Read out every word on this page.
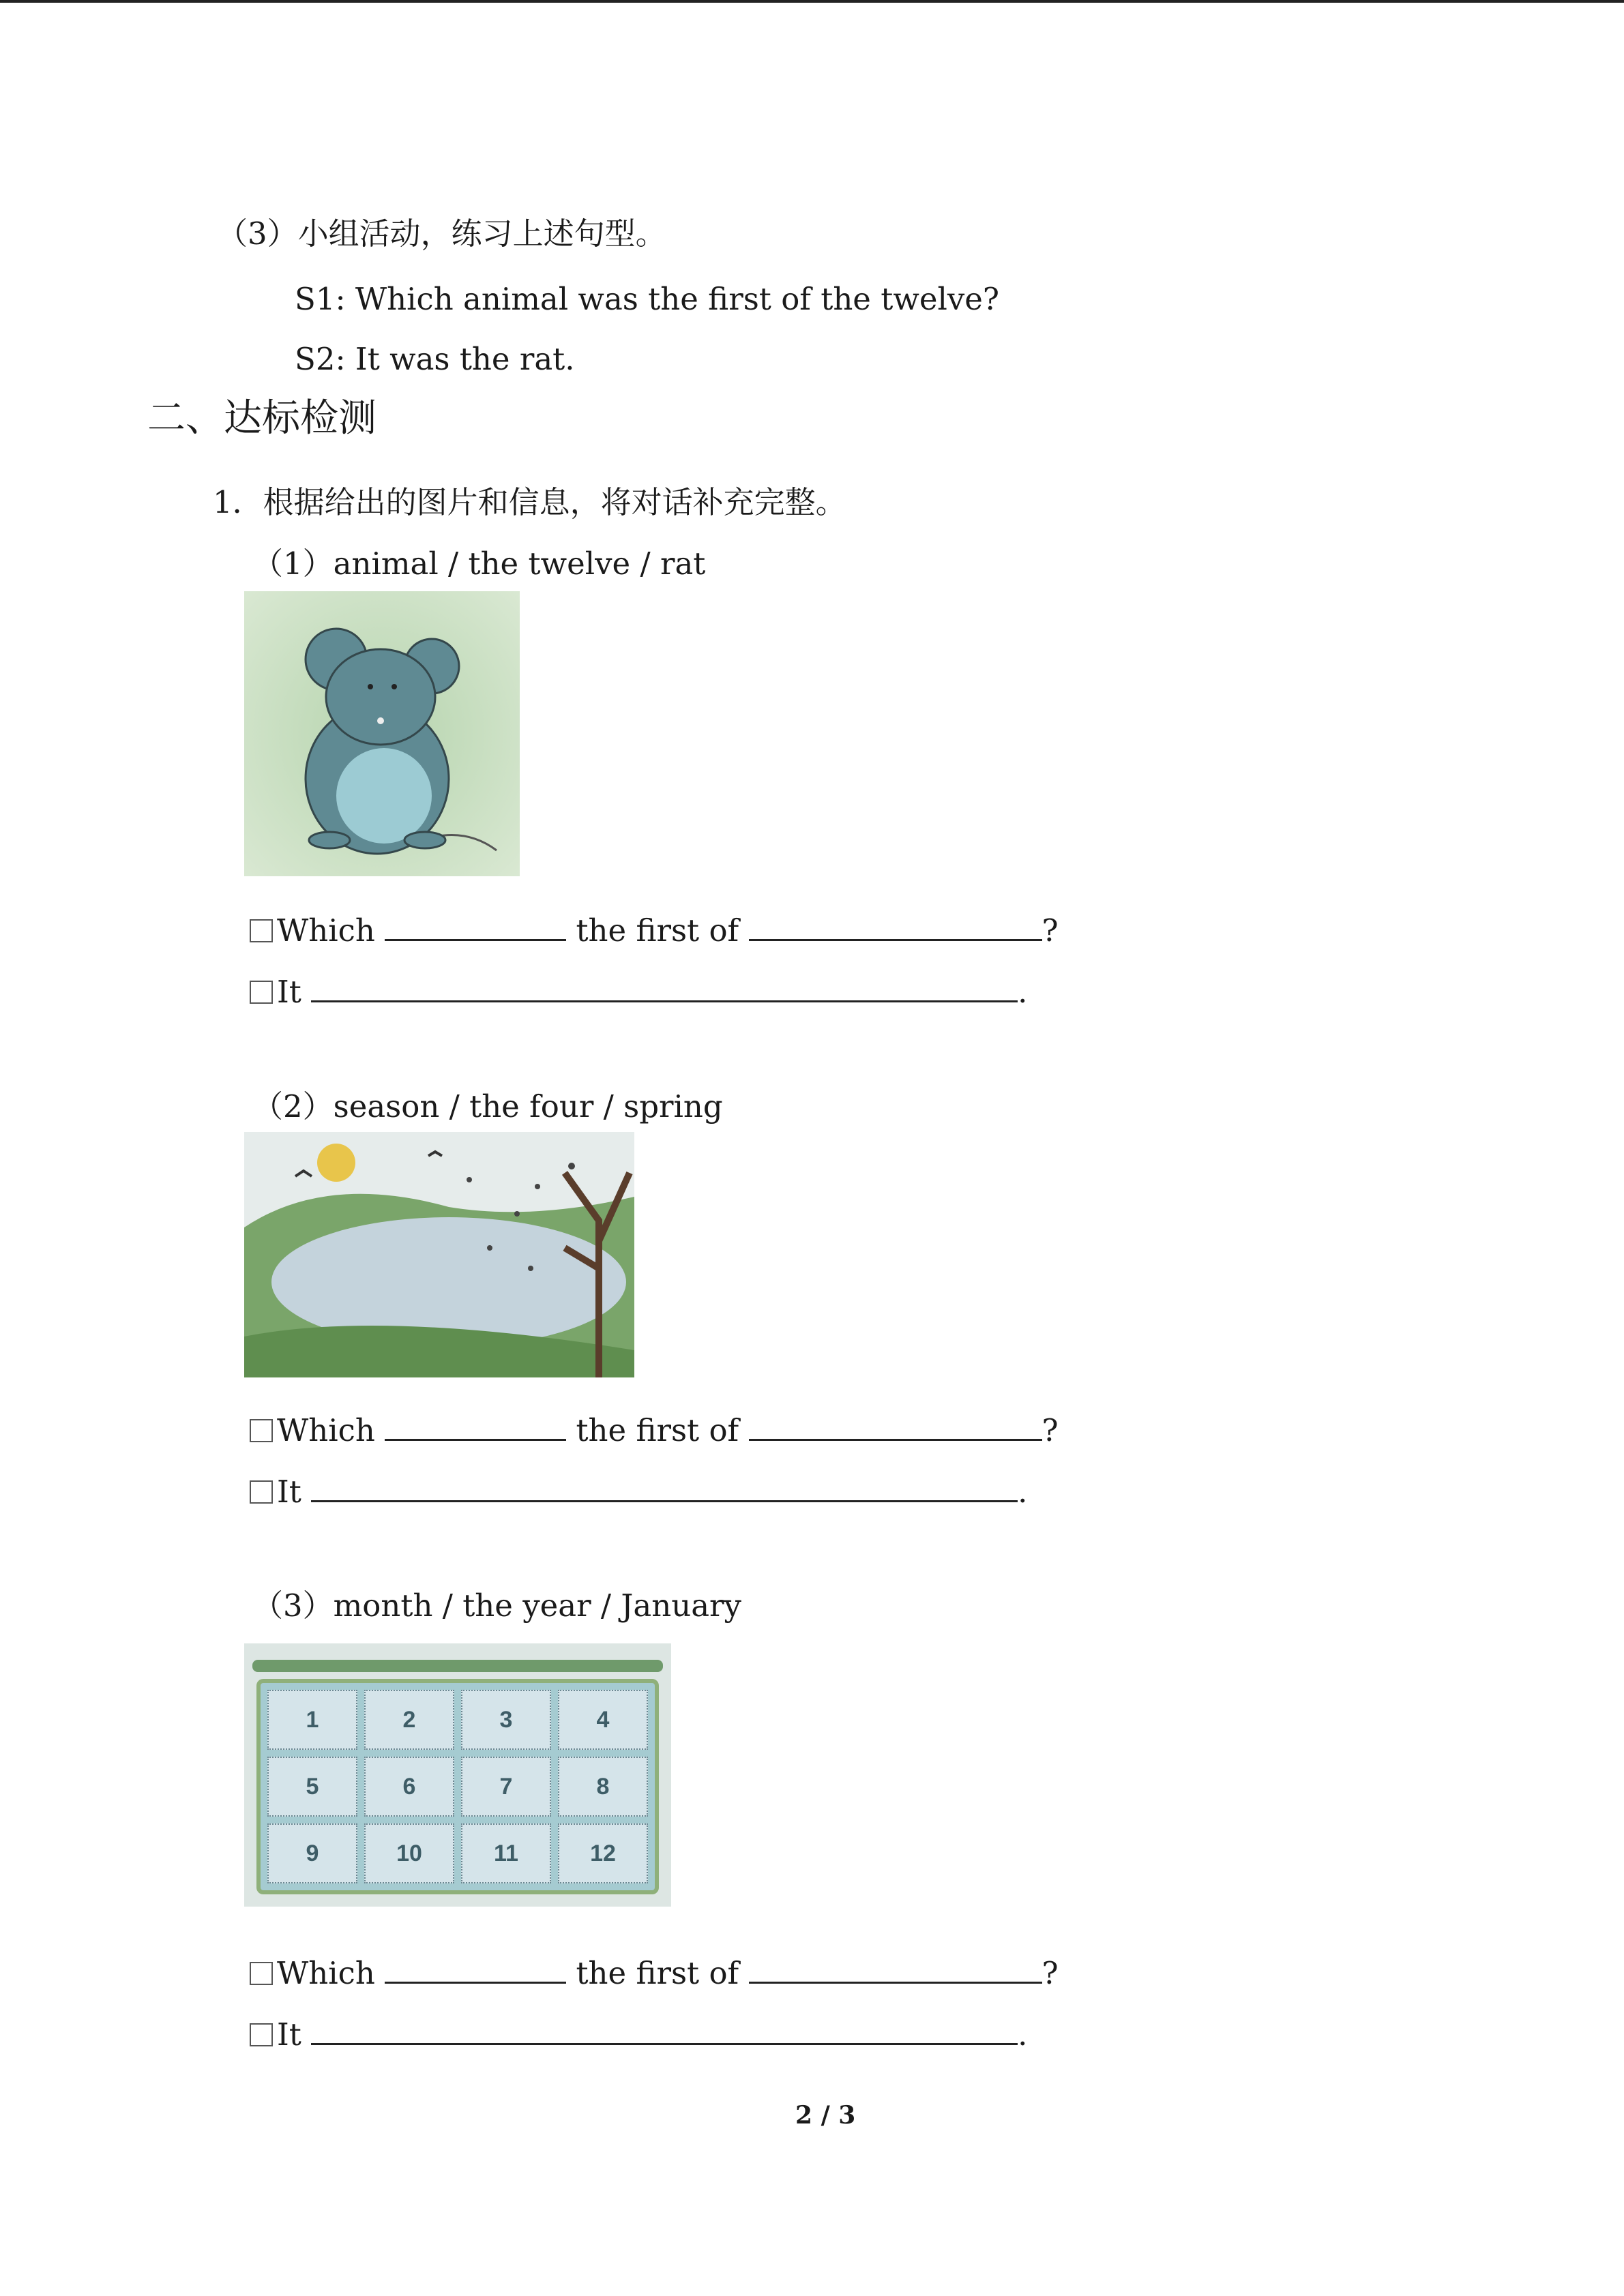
（3）小组活动，练习上述句型。
S1: Which animal was the first of the twelve?
S2: It was the rat.
二、达标检测
1．根据给出的图片和信息，将对话补充完整。
（1）animal / the twelve / rat
Which	the first of	?
It	.
（2）season / the four / spring
Which	the first of	?
It	.
（3）month / the year / January
1	2	3	4
5	6	7	8
9	10	11	12
Which	the first of	?
It	.
2 / 3
